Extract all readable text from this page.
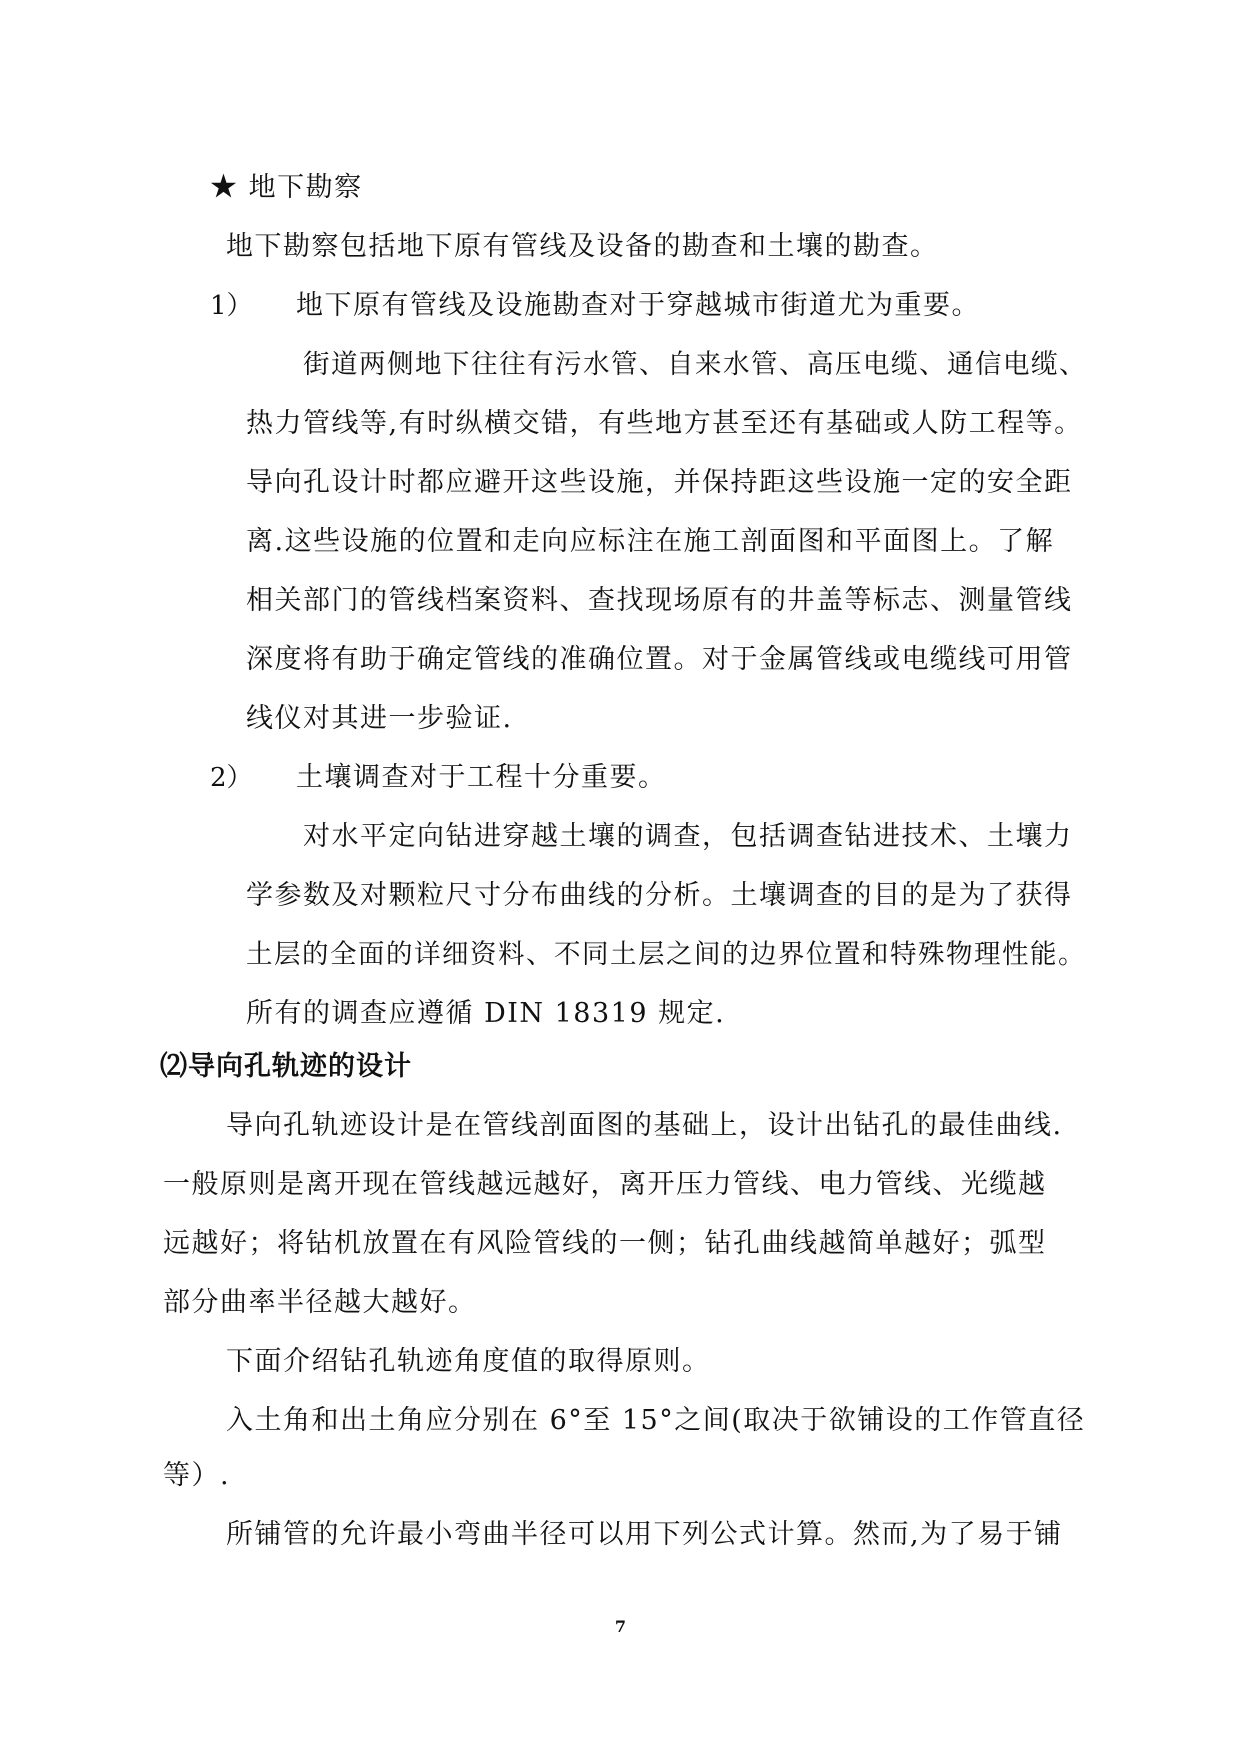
★ 地下勘察
地下勘察包括地下原有管线及设备的勘查和土壤的勘查。
1） 地下原有管线及设施勘查对于穿越城市街道尤为重要。
街道两侧地下往往有污水管、自来水管、高压电缆、通信电缆、
热力管线等,有时纵横交错，有些地方甚至还有基础或人防工程等。
导向孔设计时都应避开这些设施，并保持距这些设施一定的安全距
离.这些设施的位置和走向应标注在施工剖面图和平面图上。了解
相关部门的管线档案资料、查找现场原有的井盖等标志、测量管线
深度将有助于确定管线的准确位置。对于金属管线或电缆线可用管
线仪对其进一步验证.
2） 土壤调查对于工程十分重要。
对水平定向钻进穿越土壤的调查，包括调查钻进技术、土壤力
学参数及对颗粒尺寸分布曲线的分析。土壤调查的目的是为了获得
土层的全面的详细资料、不同土层之间的边界位置和特殊物理性能。
所有的调查应遵循 DIN 18319 规定.
⑵导向孔轨迹的设计
导向孔轨迹设计是在管线剖面图的基础上，设计出钻孔的最佳曲线.
一般原则是离开现在管线越远越好，离开压力管线、电力管线、光缆越
远越好；将钻机放置在有风险管线的一侧；钻孔曲线越简单越好；弧型
部分曲率半径越大越好。
下面介绍钻孔轨迹角度值的取得原则。
入土角和出土角应分别在 6°至 15°之间(取决于欲铺设的工作管直径
等）.
所铺管的允许最小弯曲半径可以用下列公式计算。然而,为了易于铺
7
